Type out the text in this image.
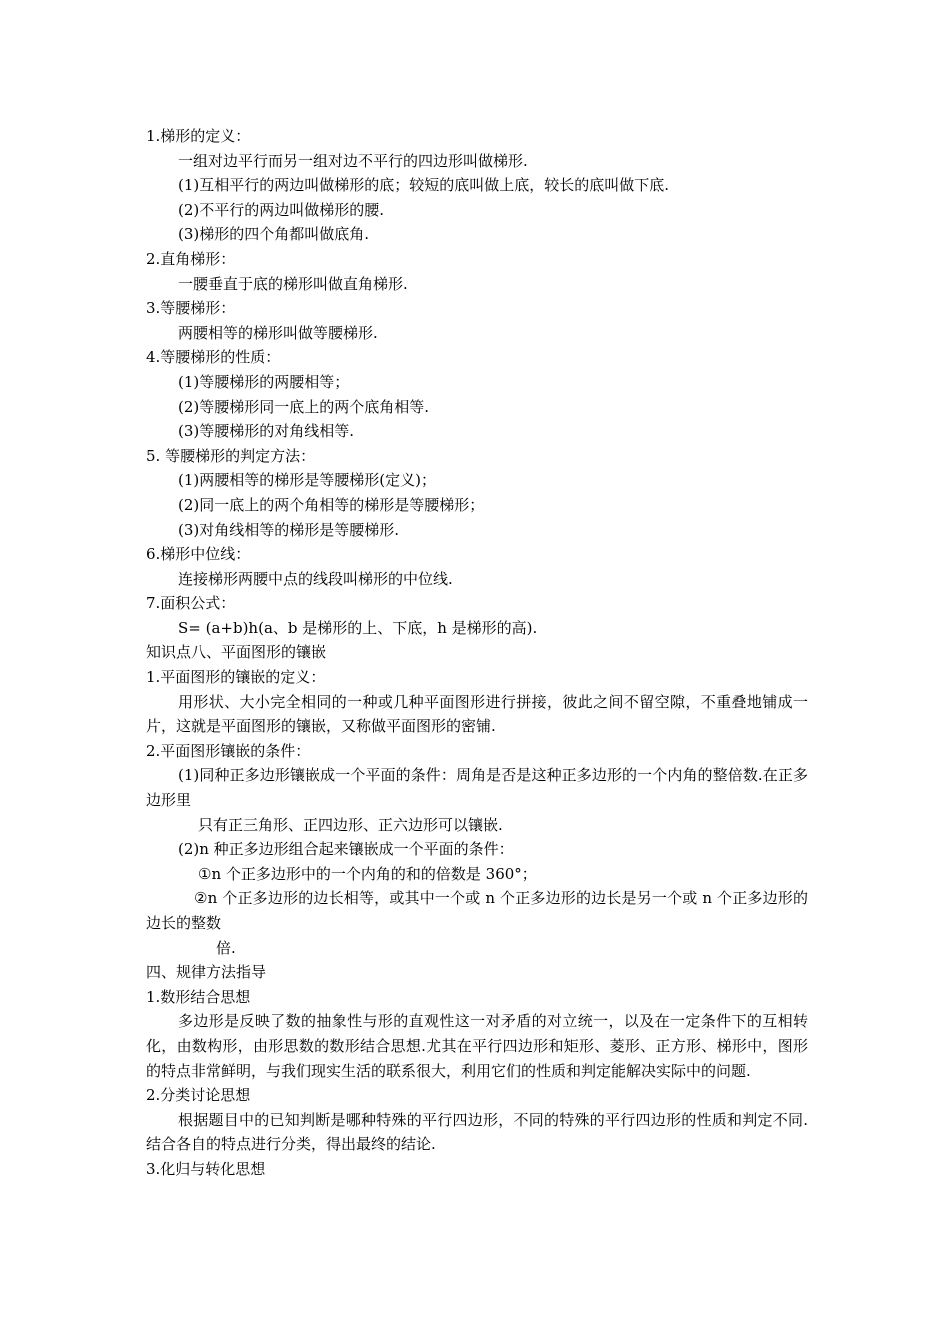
1.梯形的定义：

一组对边平行而另一组对边不平行的四边形叫做梯形.

(1)互相平行的两边叫做梯形的底；较短的底叫做上底，较长的底叫做下底.

(2)不平行的两边叫做梯形的腰.

(3)梯形的四个角都叫做底角.

2.直角梯形：

一腰垂直于底的梯形叫做直角梯形.

3.等腰梯形：

两腰相等的梯形叫做等腰梯形.

4.等腰梯形的性质：

(1)等腰梯形的两腰相等；

(2)等腰梯形同一底上的两个底角相等.

(3)等腰梯形的对角线相等.

5. 等腰梯形的判定方法：

(1)两腰相等的梯形是等腰梯形(定义)；

(2)同一底上的两个角相等的梯形是等腰梯形；

(3)对角线相等的梯形是等腰梯形.

6.梯形中位线：

连接梯形两腰中点的线段叫梯形的中位线.

7.面积公式：

S= (a+b)h(a、b 是梯形的上、下底，h 是梯形的高).

知识点八、平面图形的镶嵌

1.平面图形的镶嵌的定义：

用形状、大小完全相同的一种或几种平面图形进行拼接，彼此之间不留空隙，不重叠地铺成一片，这就是平面图形的镶嵌，又称做平面图形的密铺.

2.平面图形镶嵌的条件：

(1)同种正多边形镶嵌成一个平面的条件：周角是否是这种正多边形的一个内角的整倍数.在正多边形里

只有正三角形、正四边形、正六边形可以镶嵌.

(2)n 种正多边形组合起来镶嵌成一个平面的条件：

①n 个正多边形中的一个内角的和的倍数是 360°；

②n 个正多边形的边长相等，或其中一个或 n 个正多边形的边长是另一个或 n 个正多边形的边长的整数

倍.

四、规律方法指导

1.数形结合思想

多边形是反映了数的抽象性与形的直观性这一对矛盾的对立统一，以及在一定条件下的互相转化，由数构形，由形思数的数形结合思想.尤其在平行四边形和矩形、菱形、正方形、梯形中，图形的特点非常鲜明，与我们现实生活的联系很大，利用它们的性质和判定能解决实际中的问题.

2.分类讨论思想

根据题目中的已知判断是哪种特殊的平行四边形，不同的特殊的平行四边形的性质和判定不同.结合各自的特点进行分类，得出最终的结论.

3.化归与转化思想
